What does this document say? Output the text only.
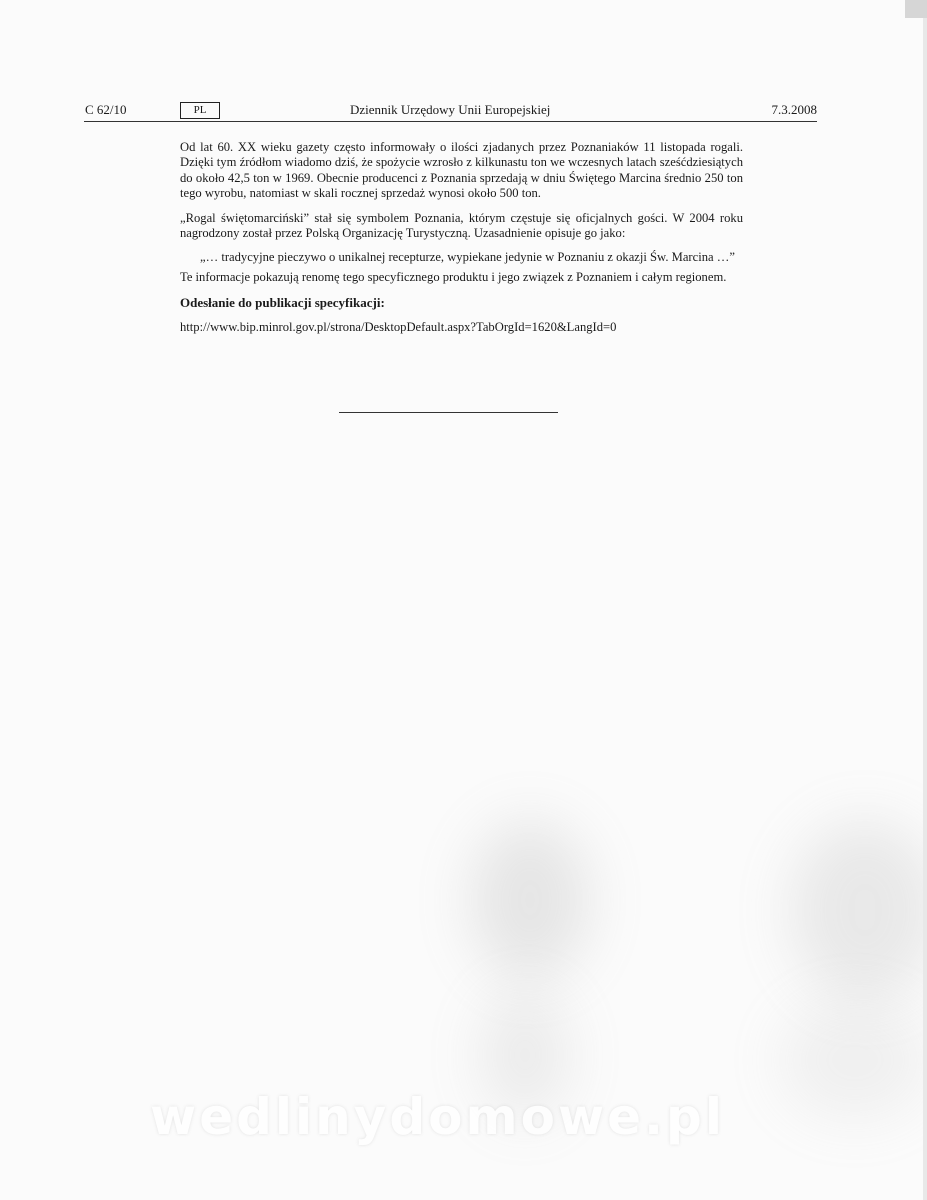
C 62/10	PL	Dziennik Urzędowy Unii Europejskiej	7.3.2008

Od lat 60. XX wieku gazety często informowały o ilości zjadanych przez Poznaniaków 11 listopada rogali. Dzięki tym źródłom wiadomo dziś, że spożycie wzrosło z kilkunastu ton we wczesnych latach sześćdziesiątych do około 42,5 ton w 1969. Obecnie producenci z Poznania sprzedają w dniu Świętego Marcina średnio 250 ton tego wyrobu, natomiast w skali rocznej sprzedaż wynosi około 500 ton.

„Rogal świętomarciński” stał się symbolem Poznania, którym częstuje się oficjalnych gości. W 2004 roku nagrodzony został przez Polską Organizację Turystyczną. Uzasadnienie opisuje go jako:

„… tradycyjne pieczywo o unikalnej recepturze, wypiekane jedynie w Poznaniu z okazji Św. Marcina …”

Te informacje pokazują renomę tego specyficznego produktu i jego związek z Poznaniem i całym regionem.

Odesłanie do publikacji specyfikacji:

http://www.bip.minrol.gov.pl/strona/DesktopDefault.aspx?TabOrgId=1620&LangId=0

wedlinydomowe.pl
